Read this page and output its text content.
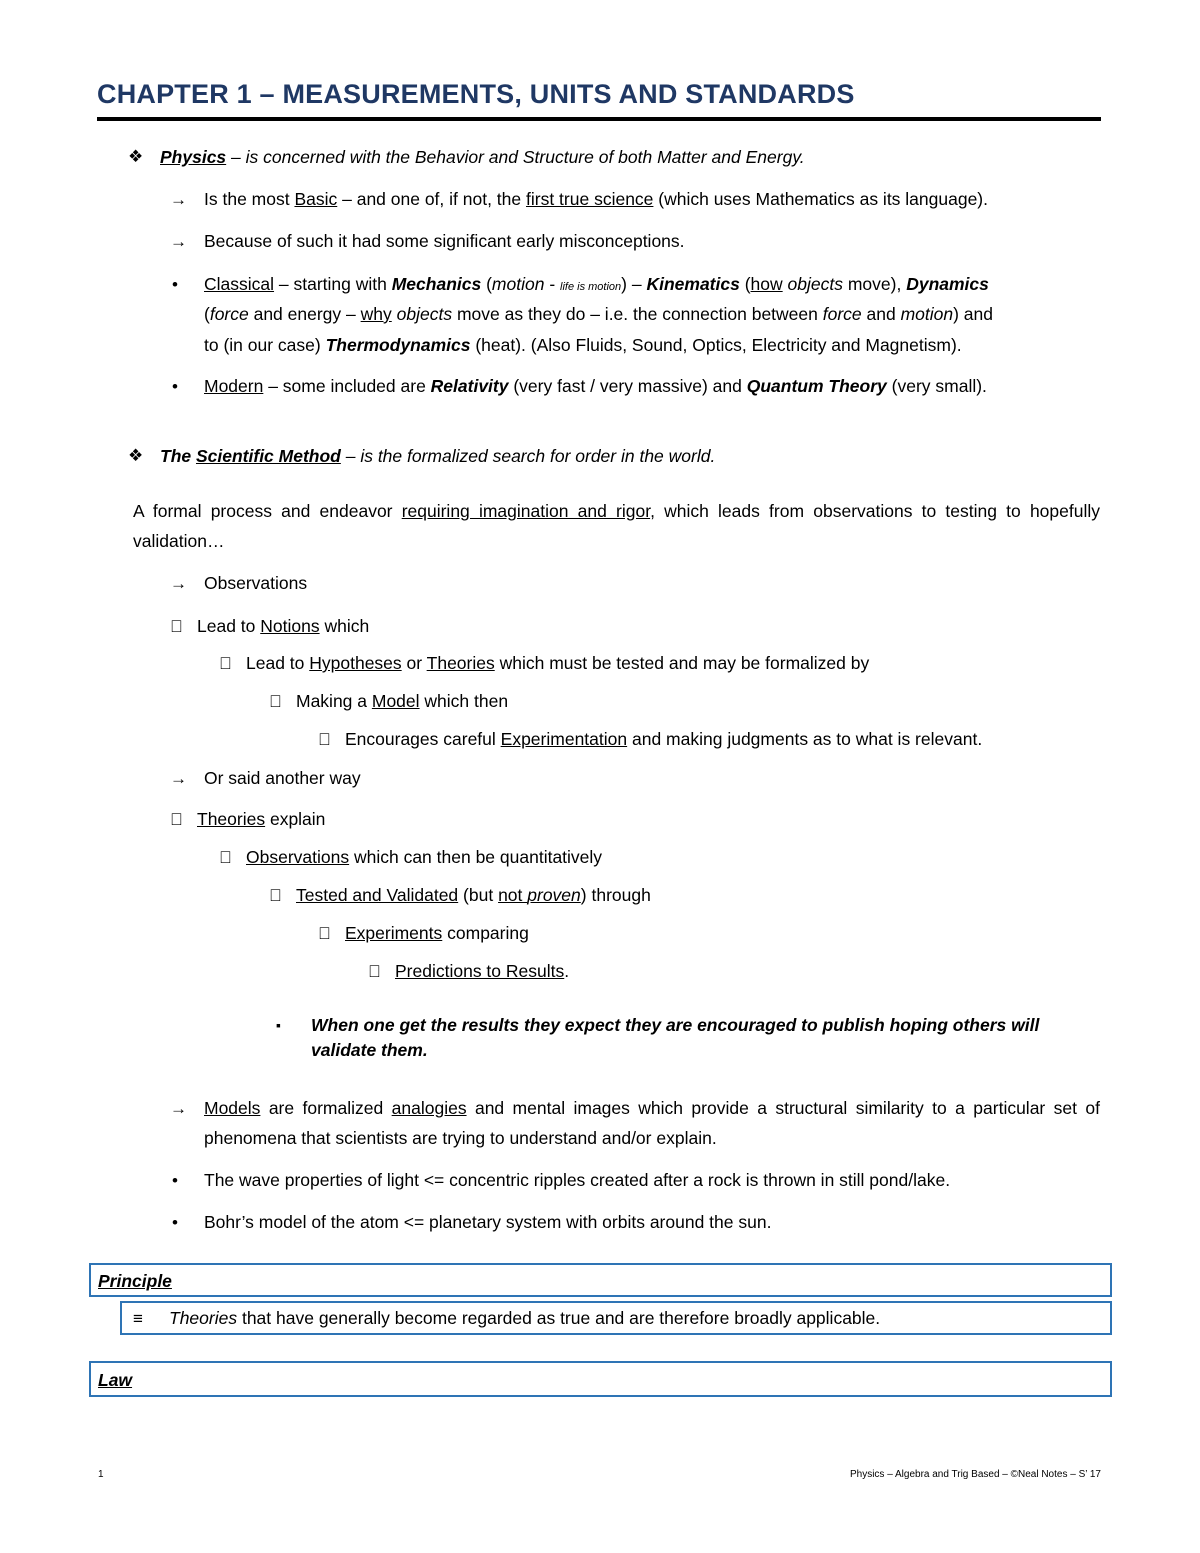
CHAPTER 1 – MEASUREMENTS, UNITS AND STANDARDS
❖ Physics – is concerned with the Behavior and Structure of both Matter and Energy.
→ Is the most Basic – and one of, if not, the first true science (which uses Mathematics as its language).
→ Because of such it had some significant early misconceptions.
• Classical – starting with Mechanics (motion - life is motion) – Kinematics (how objects move), Dynamics
(force and energy – why objects move as they do – i.e. the connection between force and motion) and
to (in our case) Thermodynamics (heat). (Also Fluids, Sound, Optics, Electricity and Magnetism).
• Modern – some included are Relativity (very fast / very massive) and Quantum Theory (very small).
❖ The Scientific Method – is the formalized search for order in the world.
A formal process and endeavor requiring imagination and rigor, which leads from observations to testing to hopefully validation…
→ Observations
Lead to Notions which
Lead to Hypotheses or Theories which must be tested and may be formalized by
Making a Model which then
Encourages careful Experimentation and making judgments as to what is relevant.
→ Or said another way
Theories explain
Observations which can then be quantitatively
Tested and Validated (but not proven) through
Experiments comparing
Predictions to Results.
▪ When one get the results they expect they are encouraged to publish hoping others will
validate them.
→ Models are formalized analogies and mental images which provide a structural similarity to a particular set of phenomena that scientists are trying to understand and/or explain.
• The wave properties of light <= concentric ripples created after a rock is thrown in still pond/lake.
• Bohr’s model of the atom <= planetary system with orbits around the sun.
Principle
≡ Theories that have generally become regarded as true and are therefore broadly applicable.
Law
1	Physics – Algebra and Trig Based – ©Neal Notes – S’ 17
